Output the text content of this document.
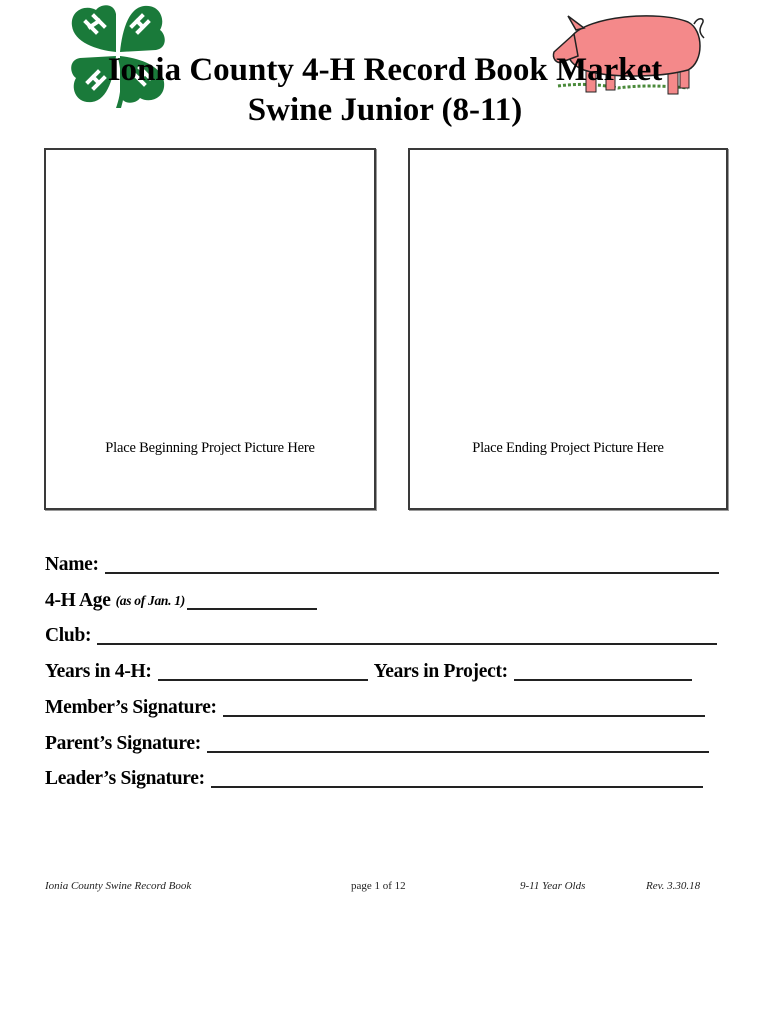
Ionia County 4-H Record Book Market
Swine Junior (8-11)
Place Beginning Project Picture Here	Place Ending Project Picture Here
Name:
4-H Age (as of Jan. 1)
Club:
Years in 4-H:	Years in Project:
Member’s Signature:
Parent’s Signature:
Leader’s Signature:
Ionia County Swine Record Book	page 1 of 12	9-11 Year Olds	Rev. 3.30.18
